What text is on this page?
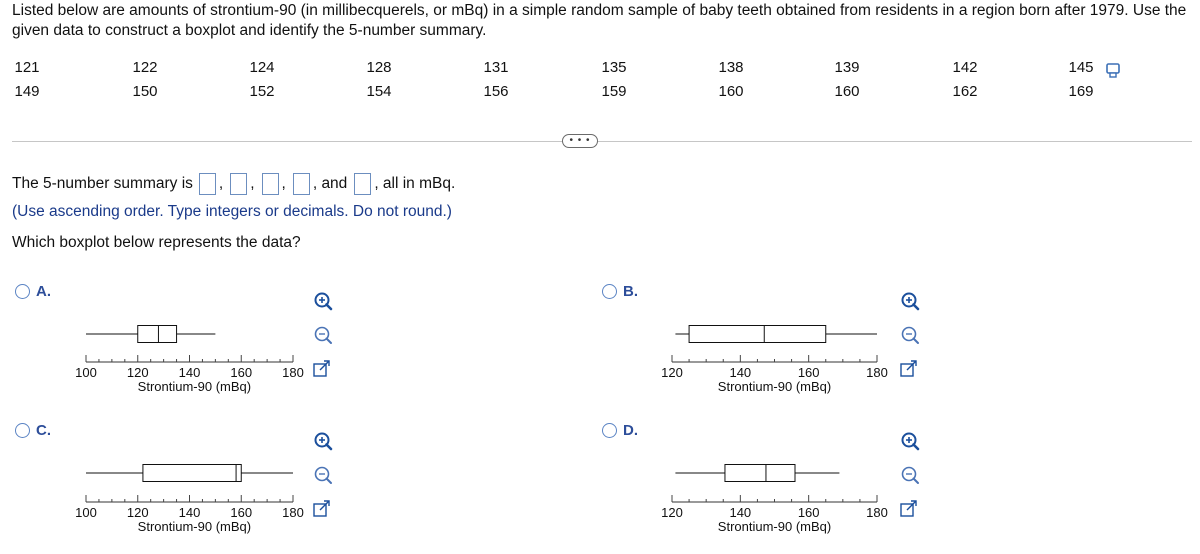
Listed below are amounts of strontium-90 (in millibecquerels, or mBq) in a simple random sample of baby teeth obtained from residents in a region born after 1979. Use the given data to construct a boxplot and identify the 5-number summary.
121	122	124	128	131	135	138	139	142	145
149	150	152	154	156	159	160	160	162	169
• • •
The 5-number summary is , , , , and , all in mBq.
(Use ascending order. Type integers or decimals. Do not round.)
Which boxplot below represents the data?
A.	B.
C.	D.
100 120 140 160 180
Strontium-90 (mBq)
120	140	160	180
Strontium-90 (mBq)
100 120 140 160 180
Strontium-90 (mBq)
120	140	160	180
Strontium-90 (mBq)
